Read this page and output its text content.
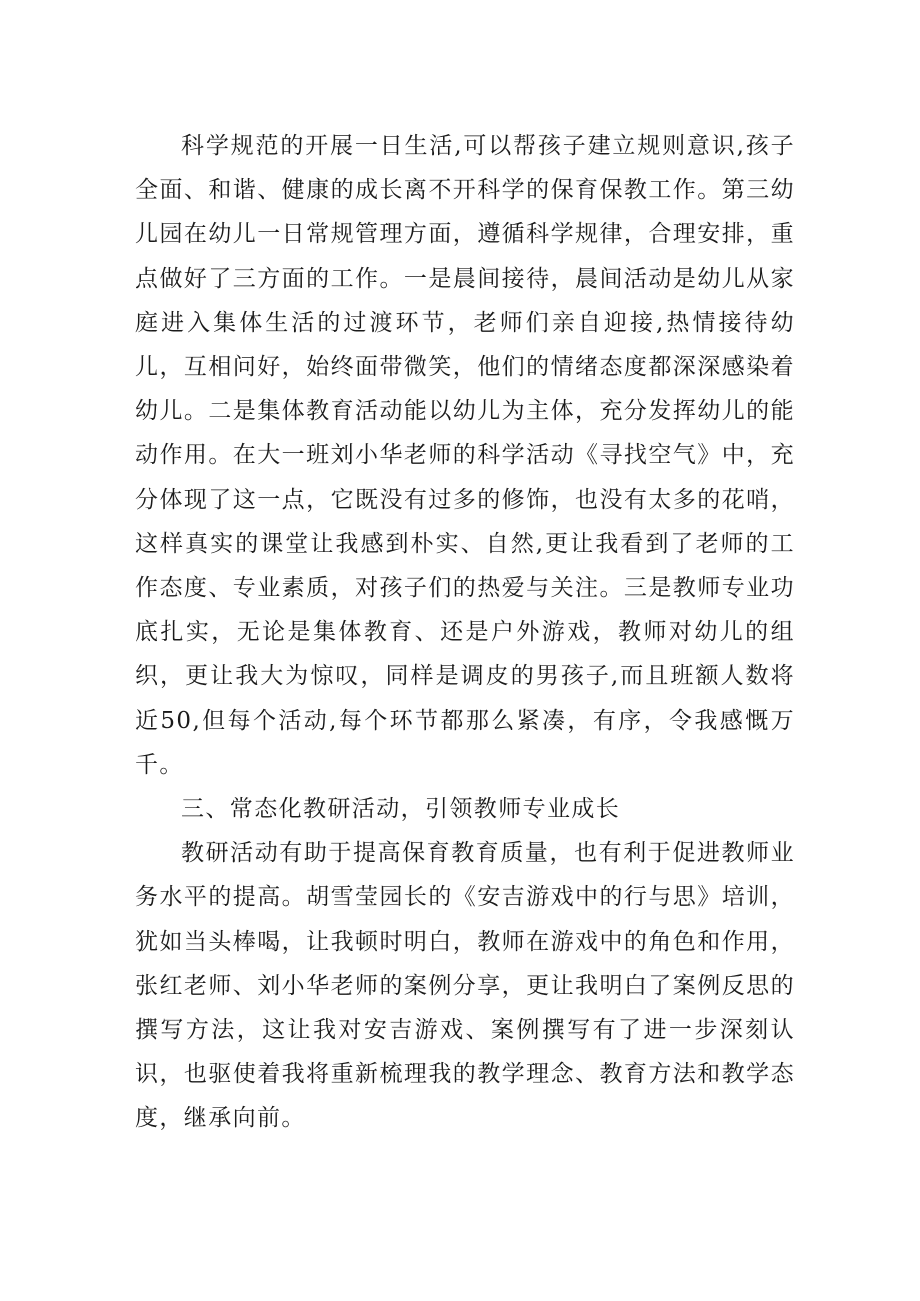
科学规范的开展一日生活,可以帮孩子建立规则意识,孩子全面、和谐、健康的成长离不开科学的保育保教工作。第三幼儿园在幼儿一日常规管理方面，遵循科学规律，合理安排，重点做好了三方面的工作。一是晨间接待，晨间活动是幼儿从家庭进入集体生活的过渡环节，老师们亲自迎接,热情接待幼儿，互相问好，始终面带微笑，他们的情绪态度都深深感染着幼儿。二是集体教育活动能以幼儿为主体，充分发挥幼儿的能动作用。在大一班刘小华老师的科学活动《寻找空气》中，充分体现了这一点，它既没有过多的修饰，也没有太多的花哨，这样真实的课堂让我感到朴实、自然,更让我看到了老师的工作态度、专业素质，对孩子们的热爱与关注。三是教师专业功底扎实，无论是集体教育、还是户外游戏，教师对幼儿的组织，更让我大为惊叹，同样是调皮的男孩子,而且班额人数将近50,但每个活动,每个环节都那么紧凑，有序，令我感慨万千。

三、常态化教研活动，引领教师专业成长

教研活动有助于提高保育教育质量，也有利于促进教师业务水平的提高。胡雪莹园长的《安吉游戏中的行与思》培训，犹如当头棒喝，让我顿时明白，教师在游戏中的角色和作用，张红老师、刘小华老师的案例分享，更让我明白了案例反思的撰写方法，这让我对安吉游戏、案例撰写有了进一步深刻认识，也驱使着我将重新梳理我的教学理念、教育方法和教学态度，继承向前。
